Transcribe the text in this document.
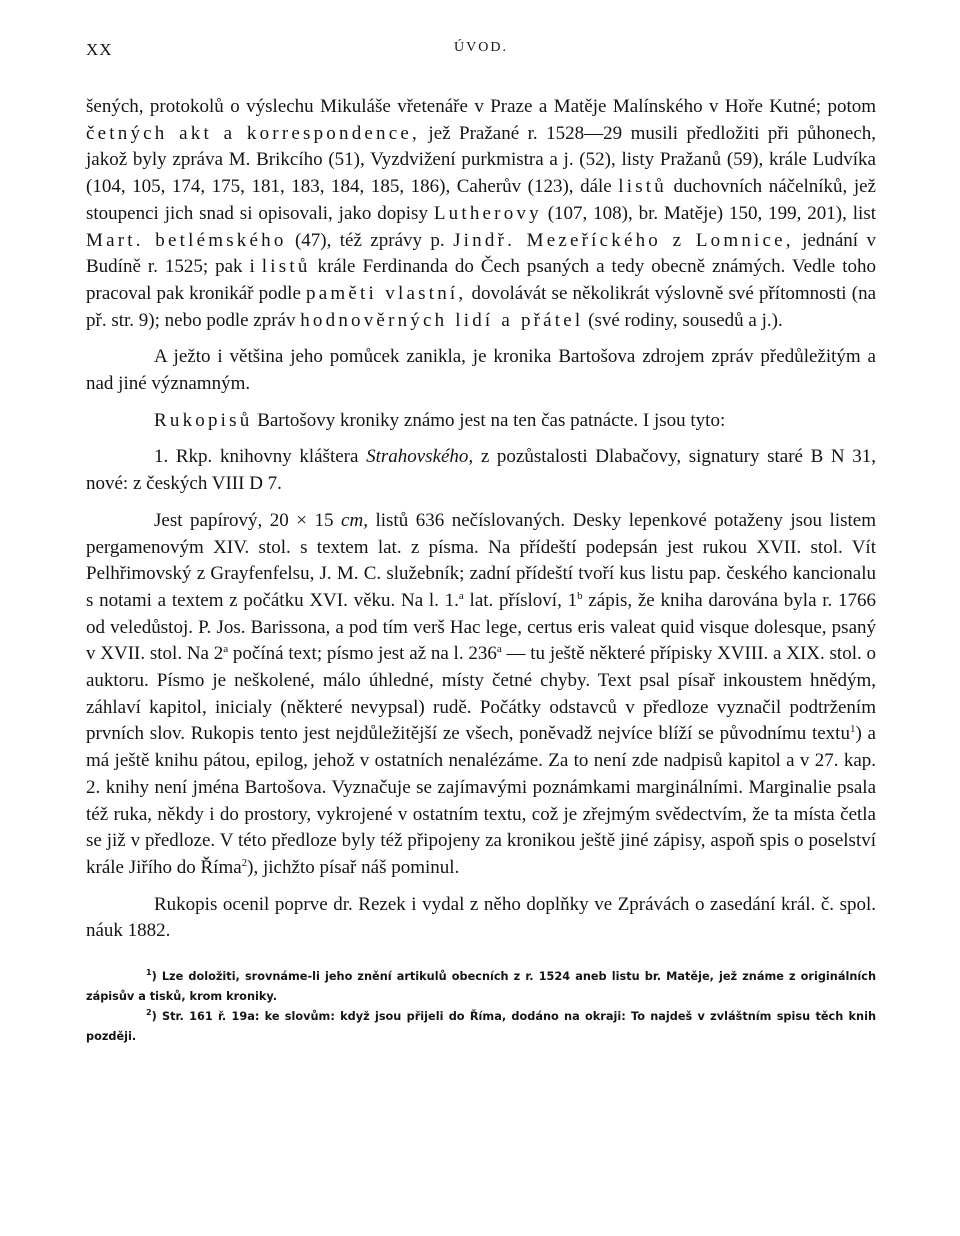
XX	ÚVOD.

šených, protokolů o výslechu Mikuláše vřetenáře v Praze a Matěje Malínského v Hoře Kutné; potom četných akt a korrespondence, jež Pražané r. 1528—29 musili předložiti při půhonech, jakož byly zpráva M. Brikcího (51), Vyzdvižení purkmistra a j. (52), listy Pražanů (59), krále Ludvíka (104, 105, 174, 175, 181, 183, 184, 185, 186), Caherův (123), dále listů duchovních náčelníků, jež stoupenci jich snad si opisovali, jako dopisy Lutherovy (107, 108), br. Matěje) 150, 199, 201), list Mart. betlémského (47), též zprávy p. Jindř. Mezeříckého z Lomnice, jednání v Budíně r. 1525; pak i listů krále Ferdinanda do Čech psaných a tedy obecně známých. Vedle toho pracoval pak kronikář podle paměti vlastní, dovolávát se několikrát výslovně své přítomnosti (na př. str. 9); nebo podle zpráv hodnověrných lidí a přátel (své rodiny, sousedů a j.).

A ježto i většina jeho pomůcek zanikla, je kronika Bartošova zdrojem zpráv předůležitým a nad jiné významným.

Rukopisů Bartošovy kroniky známo jest na ten čas patnácte. I jsou tyto:

1. Rkp. knihovny kláštera Strahovského, z pozůstalosti Dlabačovy, signatury staré B N 31, nové: z českých VIII D 7.

Jest papírový, 20 × 15 cm, listů 636 nečíslovaných. Desky lepenkové potaženy jsou listem pergamenovým XIV. stol. s textem lat. z písma. Na přídeští podepsán jest rukou XVII. stol. Vít Pelhřimovský z Grayfenfelsu, J. M. C. služebník; zadní přídeští tvoří kus listu pap. českého kancionalu s notami a textem z počátku XVI. věku. Na l. 1.$^a$ lat. přísloví, 1$^b$ zápis, že kniha darována byla r. 1766 od veledůstoj. P. Jos. Barissona, a pod tím verš Hac lege, certus eris valeat quid visque dolesque, psaný v XVII. stol. Na 2$^a$ počíná text; písmo jest až na l. 236$^a$ — tu ještě některé přípisky XVIII. a XIX. stol. o auktoru. Písmo je neškolené, málo úhledné, místy četné chyby. Text psal písař inkoustem hnědým, záhlaví kapitol, inicialy (některé nevypsal) rudě. Počátky odstavců v předloze vyznačil podtržením prvních slov. Rukopis tento jest nejdůležitější ze všech, poněvadž nejvíce blíží se původnímu textu$^1$) a má ještě knihu pátou, epilog, jehož v ostatních nenalézáme. Za to není zde nadpisů kapitol a v 27. kap. 2. knihy není jména Bartošova. Vyznačuje se zajímavými poznámkami marginálními. Marginalie psala též ruka, někdy i do prostory, vykrojené v ostatním textu, což je zřejmým svědectvím, že ta místa četla se již v předloze. V této předloze byly též připojeny za kronikou ještě jiné zápisy, aspoň spis o poselství krále Jiřího do Říma$^2$), jichžto písař náš pominul.

Rukopis ocenil poprve dr. Rezek i vydal z něho doplňky ve Zprávách o zasedání král. č. spol. náuk 1882.

$^1$) Lze doložiti, srovnáme-li jeho znění artikulů obecních z r. 1524 aneb listu br. Matěje, jež známe z originálních zápisův a tisků, krom kroniky.

$^2$) Str. 161 ř. 19a: ke slovům: když jsou přijeli do Říma, dodáno na okraji: To najdeš v zvláštním spisu těch knih později.
